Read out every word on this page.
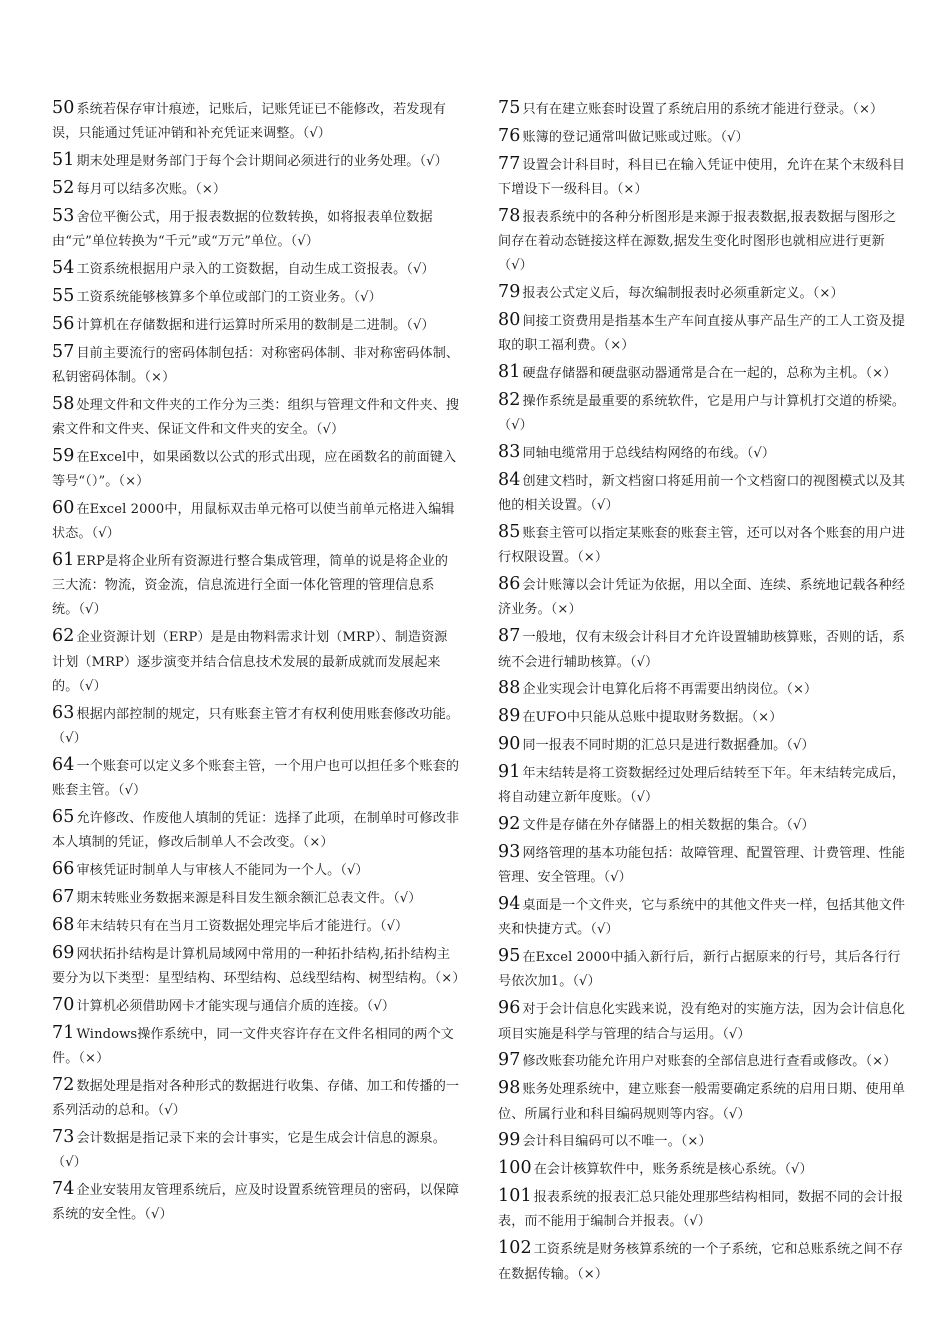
50 系统若保存审计痕迹，记账后，记账凭证已不能修改，若发现有误，只能通过凭证冲销和补充凭证来调整。（√）

51 期末处理是财务部门于每个会计期间必须进行的业务处理。（√）

52 每月可以结多次账。（×）

53 舍位平衡公式，用于报表数据的位数转换，如将报表单位数据由“元”单位转换为“千元”或“万元”单位。（√）

54 工资系统根据用户录入的工资数据，自动生成工资报表。（√）

55 工资系统能够核算多个单位或部门的工资业务。（√）

56 计算机在存储数据和进行运算时所采用的数制是二进制。（√）

57 目前主要流行的密码体制包括：对称密码体制、非对称密码体制、私钥密码体制。（×）

58 处理文件和文件夹的工作分为三类：组织与管理文件和文件夹、搜索文件和文件夹、保证文件和文件夹的安全。（√）

59 在Excel中，如果函数以公式的形式出现，应在函数名的前面键入等号“（）”。（×）

60 在Excel 2000中，用鼠标双击单元格可以使当前单元格进入编辑状态。（√）

61 ERP是将企业所有资源进行整合集成管理，简单的说是将企业的三大流：物流，资金流，信息流进行全面一体化管理的管理信息系统。（√）

62 企业资源计划（ERP）是是由物料需求计划（MRP）、制造资源计划（MRP）逐步演变并结合信息技术发展的最新成就而发展起来的。（√）

63 根据内部控制的规定，只有账套主管才有权利使用账套修改功能。（√）

64 一个账套可以定义多个账套主管，一个用户也可以担任多个账套的账套主管。（√）

65 允许修改、作废他人填制的凭证：选择了此项，在制单时可修改非本人填制的凭证，修改后制单人不会改变。（×）

66 审核凭证时制单人与审核人不能同为一个人。（√）

67 期末转账业务数据来源是科目发生额余额汇总表文件。（√）

68 年末结转只有在当月工资数据处理完毕后才能进行。（√）

69 网状拓扑结构是计算机局域网中常用的一种拓扑结构,拓扑结构主要分为以下类型：星型结构、环型结构、总线型结构、树型结构。（×）

70 计算机必须借助网卡才能实现与通信介质的连接。（√）

71 Windows操作系统中，同一文件夹容许存在文件名相同的两个文件。（×）

72 数据处理是指对各种形式的数据进行收集、存储、加工和传播的一系列活动的总和。（√）

73 会计数据是指记录下来的会计事实，它是生成会计信息的源泉。（√）

74 企业安装用友管理系统后，应及时设置系统管理员的密码，以保障系统的安全性。（√）

75 只有在建立账套时设置了系统启用的系统才能进行登录。（×）

76 账簿的登记通常叫做记账或过账。（√）

77 设置会计科目时，科目已在输入凭证中使用，允许在某个末级科目下增设下一级科目。（×）

78 报表系统中的各种分析图形是来源于报表数据,报表数据与图形之间存在着动态链接这样在源数,据发生变化时图形也就相应进行更新（√）

79 报表公式定义后，每次编制报表时必须重新定义。（×）

80 间接工资费用是指基本生产车间直接从事产品生产的工人工资及提取的职工福利费。（×）

81 硬盘存储器和硬盘驱动器通常是合在一起的，总称为主机。（×）

82 操作系统是最重要的系统软件，它是用户与计算机打交道的桥梁。（√）

83 同轴电缆常用于总线结构网络的布线。（√）

84 创建文档时，新文档窗口将延用前一个文档窗口的视图模式以及其他的相关设置。（√）

85 账套主管可以指定某账套的账套主管，还可以对各个账套的用户进行权限设置。（×）

86 会计账簿以会计凭证为依据，用以全面、连续、系统地记载各种经济业务。（×）

87 一般地，仅有末级会计科目才允许设置辅助核算账，否则的话，系统不会进行辅助核算。（√）

88 企业实现会计电算化后将不再需要出纳岗位。（×）

89 在UFO中只能从总账中提取财务数据。（×）

90 同一报表不同时期的汇总只是进行数据叠加。（√）

91 年末结转是将工资数据经过处理后结转至下年。年末结转完成后，将自动建立新年度账。（√）

92 文件是存储在外存储器上的相关数据的集合。（√）

93 网络管理的基本功能包括：故障管理、配置管理、计费管理、性能管理、安全管理。（√）

94 桌面是一个文件夹，它与系统中的其他文件夹一样，包括其他文件夹和快捷方式。（√）

95 在Excel 2000中插入新行后，新行占据原来的行号，其后各行行号依次加1。（√）

96 对于会计信息化实践来说，没有绝对的实施方法，因为会计信息化项目实施是科学与管理的结合与运用。（√）

97 修改账套功能允许用户对账套的全部信息进行查看或修改。（×）

98 账务处理系统中，建立账套一般需要确定系统的启用日期、使用单位、所属行业和科目编码规则等内容。（√）

99 会计科目编码可以不唯一。（×）

100 在会计核算软件中，账务系统是核心系统。（√）

101 报表系统的报表汇总只能处理那些结构相同，数据不同的会计报表，而不能用于编制合并报表。（√）

102 工资系统是财务核算系统的一个子系统，它和总账系统之间不存在数据传输。（×）
